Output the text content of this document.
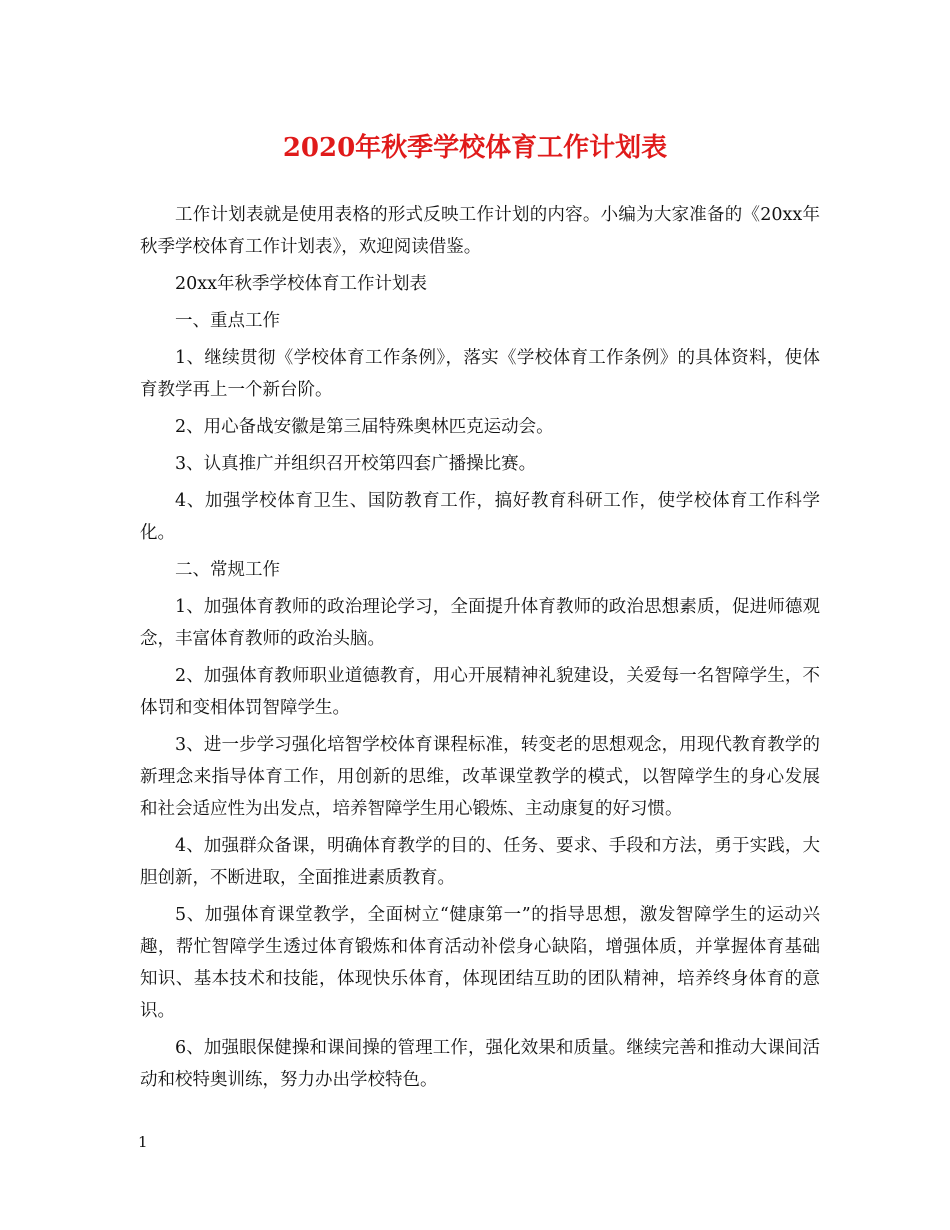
2020年秋季学校体育工作计划表

工作计划表就是使用表格的形式反映工作计划的内容。小编为大家准备的《20xx年秋季学校体育工作计划表》，欢迎阅读借鉴。

20xx年秋季学校体育工作计划表

一、重点工作

1、继续贯彻《学校体育工作条例》，落实《学校体育工作条例》的具体资料，使体育教学再上一个新台阶。

2、用心备战安徽是第三届特殊奥林匹克运动会。

3、认真推广并组织召开校第四套广播操比赛。

4、加强学校体育卫生、国防教育工作，搞好教育科研工作，使学校体育工作科学化。

二、常规工作

1、加强体育教师的政治理论学习，全面提升体育教师的政治思想素质，促进师德观念，丰富体育教师的政治头脑。

2、加强体育教师职业道德教育，用心开展精神礼貌建设，关爱每一名智障学生，不体罚和变相体罚智障学生。

3、进一步学习强化培智学校体育课程标准，转变老的思想观念，用现代教育教学的新理念来指导体育工作，用创新的思维，改革课堂教学的模式，以智障学生的身心发展和社会适应性为出发点，培养智障学生用心锻炼、主动康复的好习惯。

4、加强群众备课，明确体育教学的目的、任务、要求、手段和方法，勇于实践，大胆创新，不断进取，全面推进素质教育。

5、加强体育课堂教学，全面树立“健康第一”的指导思想，激发智障学生的运动兴趣，帮忙智障学生透过体育锻炼和体育活动补偿身心缺陷，增强体质，并掌握体育基础知识、基本技术和技能，体现快乐体育，体现团结互助的团队精神，培养终身体育的意识。

6、加强眼保健操和课间操的管理工作，强化效果和质量。继续完善和推动大课间活动和校特奥训练，努力办出学校特色。

1
